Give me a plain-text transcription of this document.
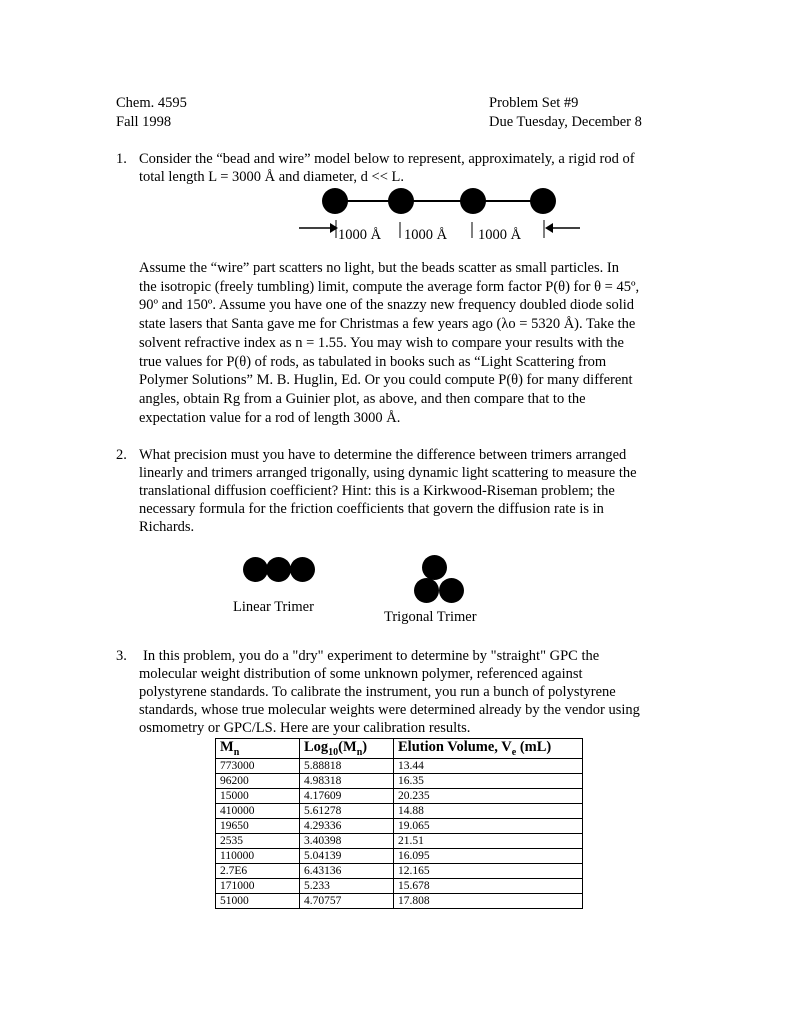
Chem. 4595
Fall 1998
Problem Set #9
Due Tuesday, December 8
1. Consider the “bead and wire” model below to represent, approximately, a rigid rod of
total length L = 3000 Å and diameter, d << L.
1000 Å 1000 Å 1000 Å
Assume the “wire” part scatters no light, but the beads scatter as small particles. In
the isotropic (freely tumbling) limit, compute the average form factor P(θ) for θ = 45º,
90º and 150º. Assume you have one of the snazzy new frequency doubled diode solid
state lasers that Santa gave me for Christmas a few years ago (λo = 5320 Å). Take the
solvent refractive index as n = 1.55. You may wish to compare your results with the
true values for P(θ) of rods, as tabulated in books such as “Light Scattering from
Polymer Solutions” M. B. Huglin, Ed. Or you could compute P(θ) for many different
angles, obtain Rg from a Guinier plot, as above, and then compare that to the
expectation value for a rod of length 3000 Å.
2. What precision must you have to determine the difference between trimers arranged
linearly and trimers arranged trigonally, using dynamic light scattering to measure the
translational diffusion coefficient? Hint: this is a Kirkwood-Riseman problem; the
necessary formula for the friction coefficients that govern the diffusion rate is in
Richards.
Linear Trimer
Trigonal Trimer
3. In this problem, you do a "dry" experiment to determine by "straight" GPC the
molecular weight distribution of some unknown polymer, referenced against
polystyrene standards. To calibrate the instrument, you run a bunch of polystyrene
standards, whose true molecular weights were determined already by the vendor using
osmometry or GPC/LS. Here are your calibration results.
$M_n$	$Log_{10}(M_n)$	Elution Volume, $V_e$ (mL)
773000	5.88818	13.44
96200	4.98318	16.35
15000	4.17609	20.235
410000	5.61278	14.88
19650	4.29336	19.065
2535	3.40398	21.51
110000	5.04139	16.095
2.7E6	6.43136	12.165
171000	5.233	15.678
51000	4.70757	17.808
